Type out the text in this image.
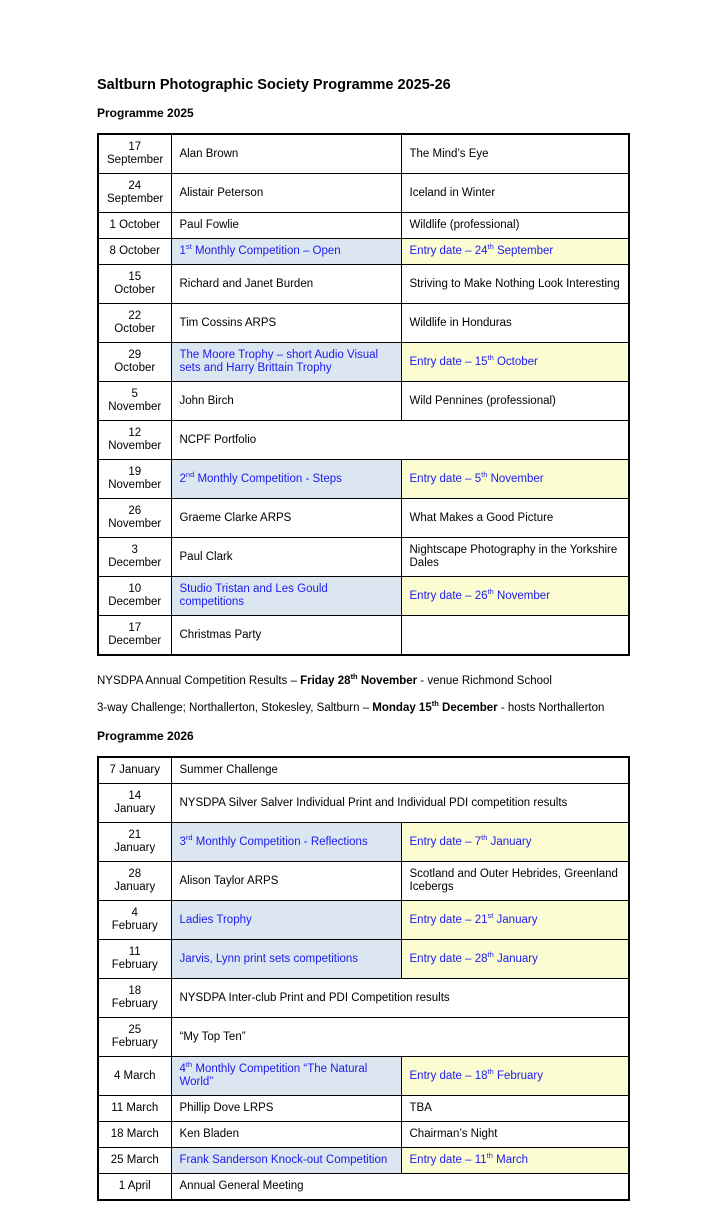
Saltburn Photographic Society Programme 2025-26
Programme 2025
17 September	Alan Brown	The Mind’s Eye
24 September	Alistair Peterson	Iceland in Winter
1 October	Paul Fowlie	Wildlife (professional)
8 October	1st Monthly Competition – Open	Entry date – 24th September
15 October	Richard and Janet Burden	Striving to Make Nothing Look Interesting
22 October	Tim Cossins ARPS	Wildlife in Honduras
29 October	The Moore Trophy – short Audio Visual sets and Harry Brittain Trophy	Entry date – 15th October
5 November	John Birch	Wild Pennines (professional)
12 November	NCPF Portfolio	
19 November	2nd Monthly Competition - Steps	Entry date – 5th November
26 November	Graeme Clarke ARPS	What Makes a Good Picture
3 December	Paul Clark	Nightscape Photography in the Yorkshire Dales
10 December	Studio Tristan and Les Gould competitions	Entry date – 26th November
17 December	Christmas Party	

NYSDPA Annual Competition Results – Friday 28th November - venue Richmond School

3-way Challenge; Northallerton, Stokesley, Saltburn – Monday 15th December - hosts Northallerton

Programme 2026
7 January	Summer Challenge	
14 January	NYSDPA Silver Salver Individual Print and Individual PDI competition results	
21 January	3rd Monthly Competition - Reflections	Entry date – 7th January
28 January	Alison Taylor ARPS	Scotland and Outer Hebrides, Greenland Icebergs
4 February	Ladies Trophy	Entry date – 21st January
11 February	Jarvis, Lynn print sets competitions	Entry date – 28th January
18 February	NYSDPA Inter-club Print and PDI Competition results	
25 February	“My Top Ten”	
4 March	4th Monthly Competition “The Natural World”	Entry date – 18th February
11 March	Phillip Dove LRPS	TBA
18 March	Ken Bladen	Chairman’s Night
25 March	Frank Sanderson Knock-out Competition	Entry date – 11th March
1 April	Annual General Meeting	
